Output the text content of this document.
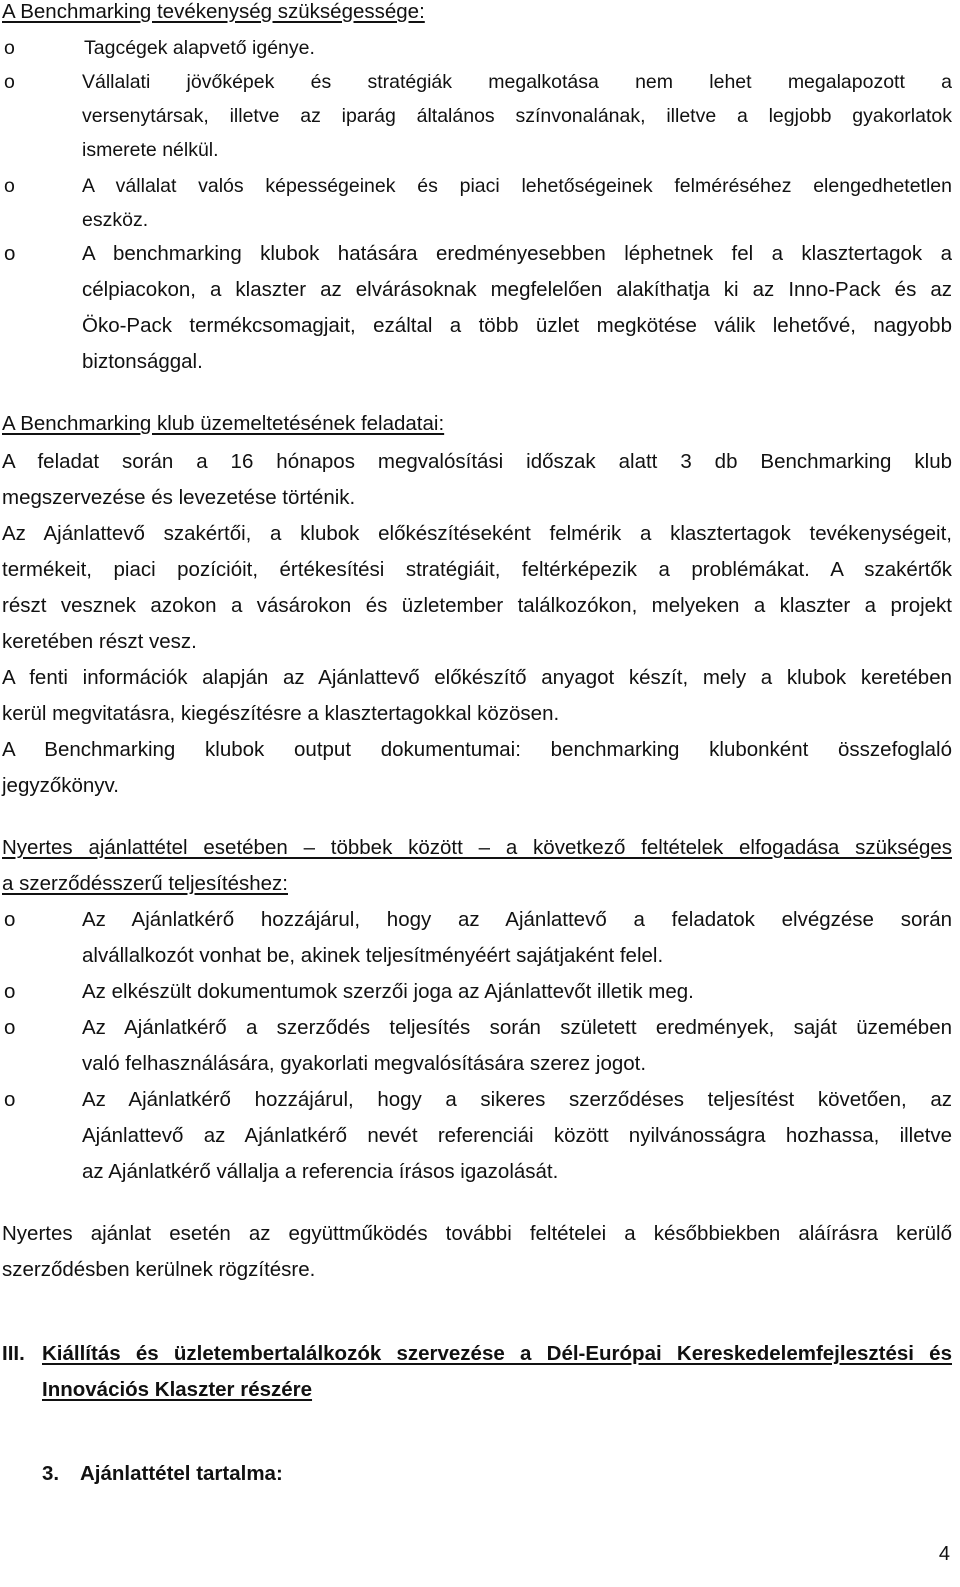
A Benchmarking tevékenység szükségessége:
o	Tagcégek alapvető igénye.
o	Vállalati jövőképek és stratégiák megalkotása nem lehet megalapozott a
versenytársak, illetve az iparág általános színvonalának, illetve a legjobb gyakorlatok
ismerete nélkül.
o	A vállalat valós képességeinek és piaci lehetőségeinek felméréséhez elengedhetetlen
eszköz.
o	A benchmarking klubok hatására eredményesebben léphetnek fel a klasztertagok a
célpiacokon, a klaszter az elvárásoknak megfelelően alakíthatja ki az Inno-Pack és az
Öko-Pack termékcsomagjait, ezáltal a több üzlet megkötése válik lehetővé, nagyobb
biztonsággal.
A Benchmarking klub üzemeltetésének feladatai:
A feladat során a 16 hónapos megvalósítási időszak alatt 3 db Benchmarking klub
megszervezése és levezetése történik.
Az Ajánlattevő szakértői, a klubok előkészítéseként felmérik a klasztertagok tevékenységeit,
termékeit, piaci pozícióit, értékesítési stratégiáit, feltérképezik a problémákat. A szakértők
részt vesznek azokon a vásárokon és üzletember találkozókon, melyeken a klaszter a projekt
keretében részt vesz.
A fenti információk alapján az Ajánlattevő előkészítő anyagot készít, mely a klubok keretében
kerül megvitatásra, kiegészítésre a klasztertagokkal közösen.
A Benchmarking klubok output dokumentumai: benchmarking klubonként összefoglaló
jegyzőkönyv.
Nyertes ajánlattétel esetében – többek között – a következő feltételek elfogadása szükséges
a szerződésszerű teljesítéshez:
o	Az Ajánlatkérő hozzájárul, hogy az Ajánlattevő a feladatok elvégzése során
alvállalkozót vonhat be, akinek teljesítményéért sajátjaként felel.
o	Az elkészült dokumentumok szerzői joga az Ajánlattevőt illetik meg.
o	Az Ajánlatkérő a szerződés teljesítés során született eredmények, saját üzemében
való felhasználására, gyakorlati megvalósítására szerez jogot.
o	Az Ajánlatkérő hozzájárul, hogy a sikeres szerződéses teljesítést követően, az
Ajánlattevő az Ajánlatkérő nevét referenciái között nyilvánosságra hozhassa, illetve
az Ajánlatkérő vállalja a referencia írásos igazolását.
Nyertes ajánlat esetén az együttműködés további feltételei a későbbiekben aláírásra kerülő
szerződésben kerülnek rögzítésre.
III. Kiállítás és üzletembertalálkozók szervezése a Dél-Európai Kereskedelemfejlesztési és
Innovációs Klaszter részére
3.	Ajánlattétel tartalma:
4
